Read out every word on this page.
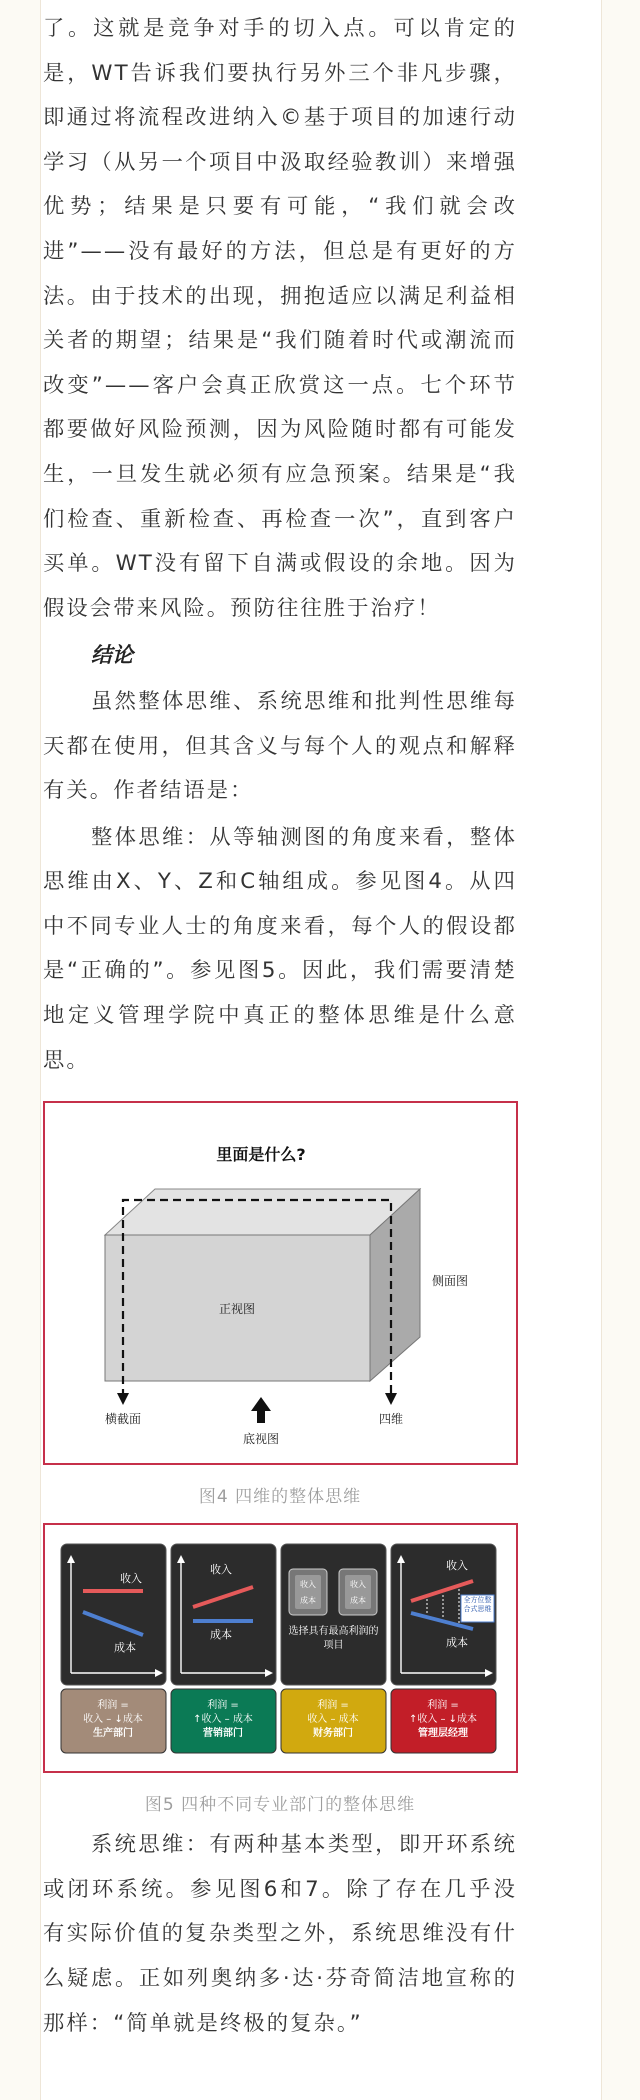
了。这就是竞争对手的切入点。可以肯定的是，WT告诉我们要执行另外三个非凡步骤，即通过将流程改进纳入©基于项目的加速行动学习（从另一个项目中汲取经验教训）来增强优势；结果是只要有可能，“我们就会改进”——没有最好的方法，但总是有更好的方法。由于技术的出现，拥抱适应以满足利益相关者的期望；结果是“我们随着时代或潮流而改变”——客户会真正欣赏这一点。七个环节都要做好风险预测，因为风险随时都有可能发生，一旦发生就必须有应急预案。结果是“我们检查、重新检查、再检查一次”，直到客户买单。WT没有留下自满或假设的余地。因为假设会带来风险。预防往往胜于治疗！

结论

虽然整体思维、系统思维和批判性思维每天都在使用，但其含义与每个人的观点和解释有关。作者结语是：

整体思维：从等轴测图的角度来看，整体思维由X、Y、Z和C轴组成。参见图4。从四中不同专业人士的角度来看，每个人的假设都是“正确的”。参见图5。因此，我们需要清楚地定义管理学院中真正的整体思维是什么意思。

里面是什么?
正视图
侧面图
横截面
底视图
四维
图4 四维的整体思维
收入
成本
收入
成本
收入
成本
收入
成本
选择具有最高利润的项目
收入
成本
全方位整合式思维
利润 =
收入 – ↓成本
生产部门
利润 =
↑收入 – 成本
营销部门
利润 =
收入 – 成本
财务部门
利润 =
↑收入 – ↓成本
管理层经理
图5 四种不同专业部门的整体思维

系统思维：有两种基本类型，即开环系统或闭环系统。参见图6和7。除了存在几乎没有实际价值的复杂类型之外，系统思维没有什么疑虑。正如列奥纳多·达·芬奇简洁地宣称的那样：“简单就是终极的复杂。”
